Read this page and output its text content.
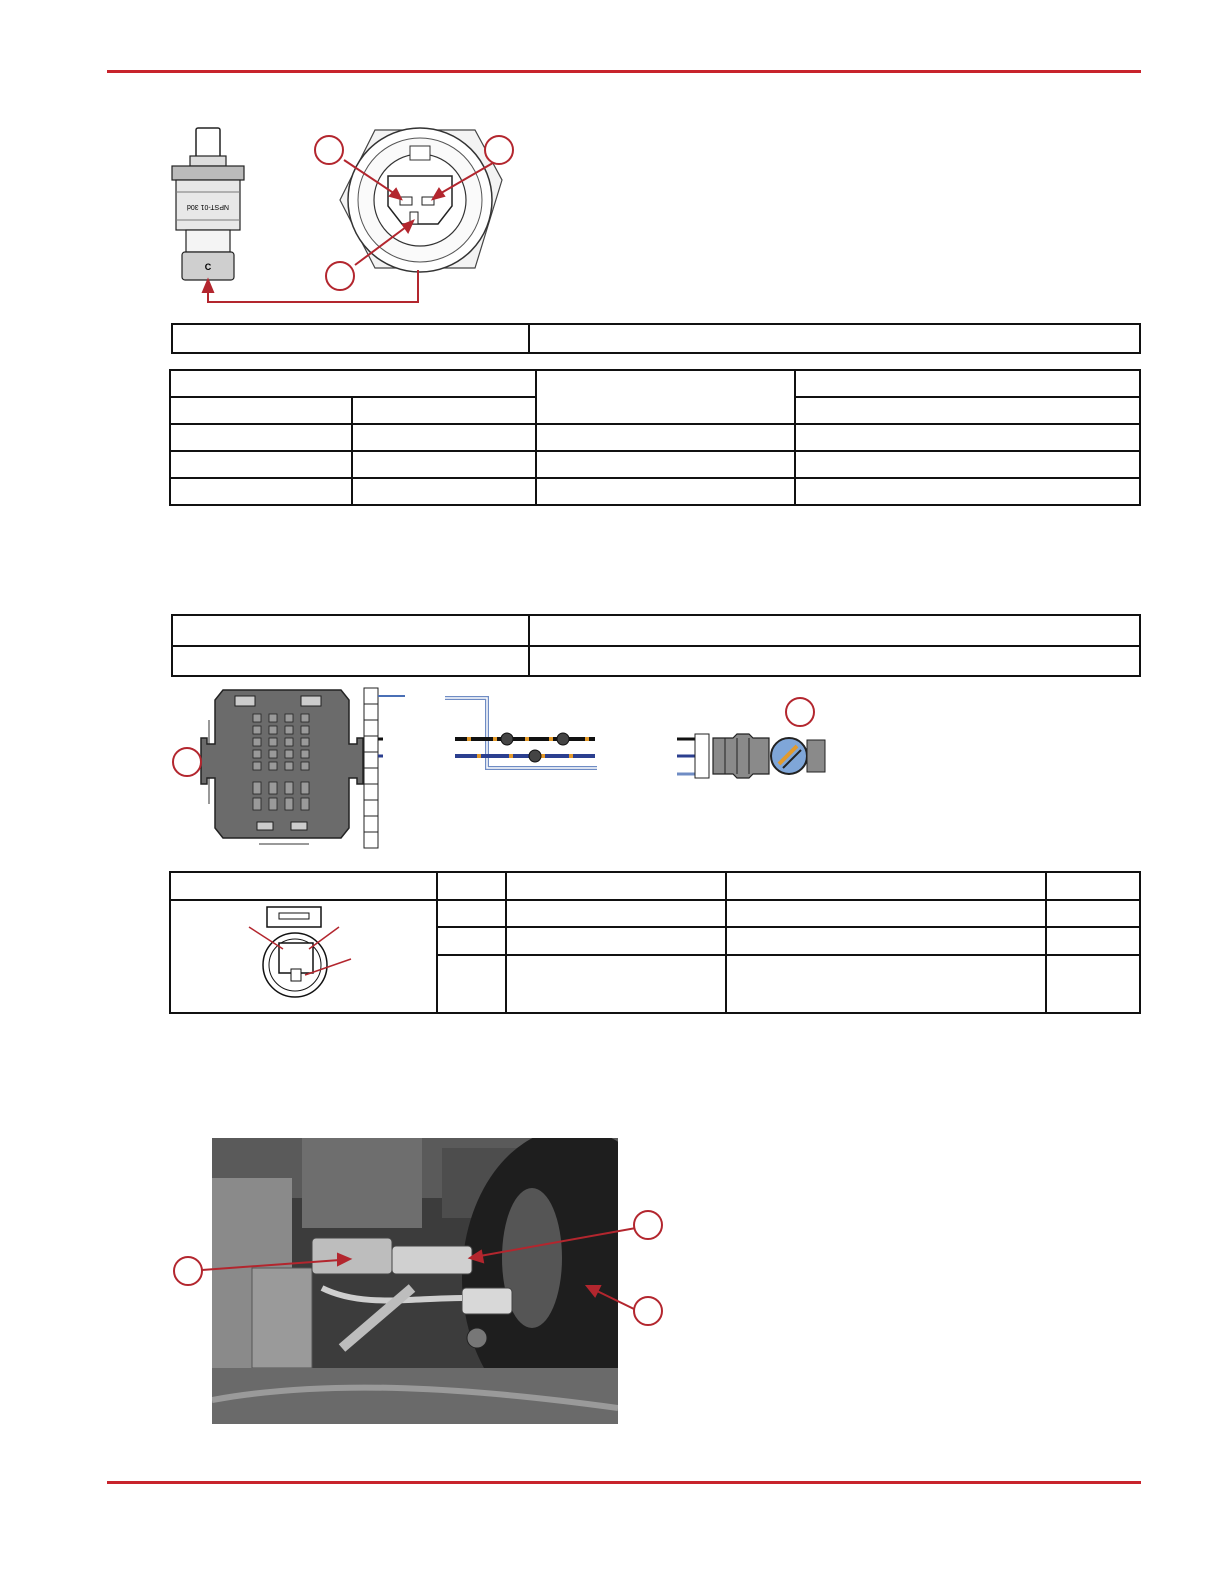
NPST-01 30d
C
